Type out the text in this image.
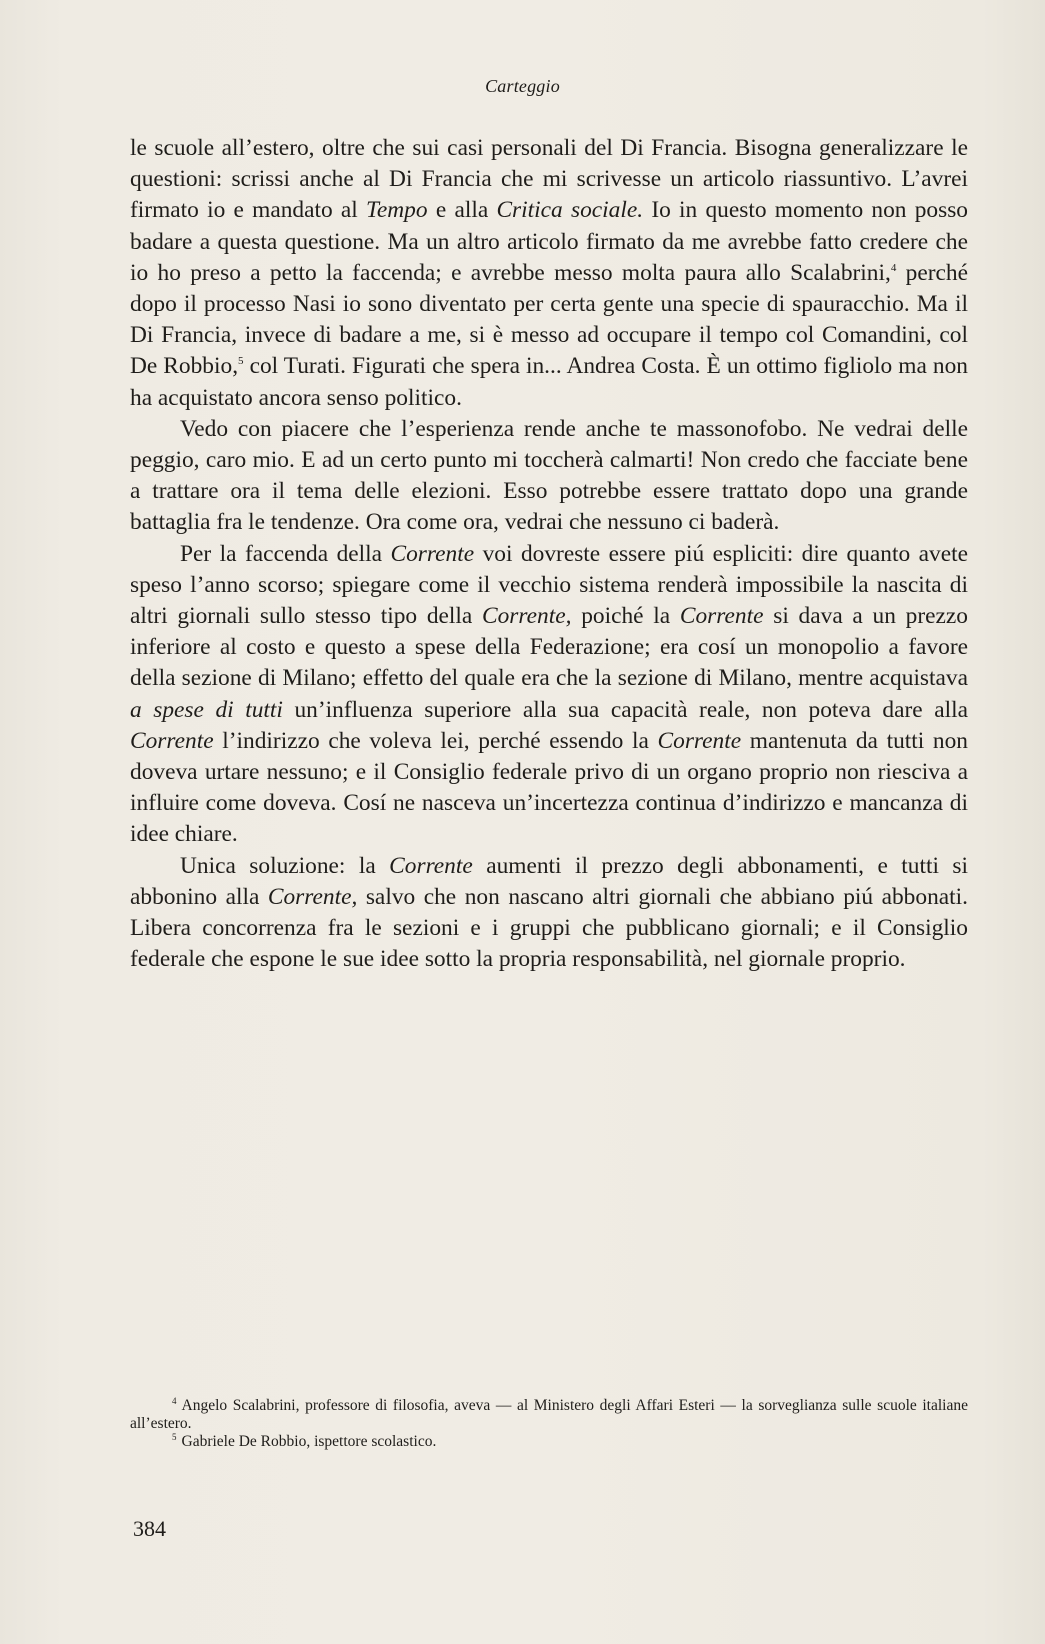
Carteggio

le scuole all’estero, oltre che sui casi personali del Di Francia. Bisogna generalizzare le questioni: scrissi anche al Di Francia che mi scrivesse un articolo riassuntivo. L’avrei firmato io e mandato al Tempo e alla Critica sociale. Io in questo momento non posso badare a questa questione. Ma un altro articolo firmato da me avrebbe fatto credere che io ho preso a petto la faccenda; e avrebbe messo molta paura allo Scalabrini,$^4$ perché dopo il processo Nasi io sono diventato per certa gente una specie di spauracchio. Ma il Di Francia, invece di badare a me, si è messo ad occupare il tempo col Comandini, col De Robbio,$^5$ col Turati. Figurati che spera in... Andrea Costa. È un ottimo figliolo ma non ha acquistato ancora senso politico.

Vedo con piacere che l’esperienza rende anche te massonofobo. Ne vedrai delle peggio, caro mio. E ad un certo punto mi toccherà calmarti! Non credo che facciate bene a trattare ora il tema delle elezioni. Esso potrebbe essere trattato dopo una grande battaglia fra le tendenze. Ora come ora, vedrai che nessuno ci baderà.

Per la faccenda della Corrente voi dovreste essere piú espliciti: dire quanto avete speso l’anno scorso; spiegare come il vecchio sistema renderà impossibile la nascita di altri giornali sullo stesso tipo della Corrente, poiché la Corrente si dava a un prezzo inferiore al costo e questo a spese della Federazione; era cosí un monopolio a favore della sezione di Milano; effetto del quale era che la sezione di Milano, mentre acquistava a spese di tutti un’influenza superiore alla sua capacità reale, non poteva dare alla Corrente l’indirizzo che voleva lei, perché essendo la Corrente mantenuta da tutti non doveva urtare nessuno; e il Consiglio federale privo di un organo proprio non riesciva a influire come doveva. Cosí ne nasceva un’incertezza continua d’indirizzo e mancanza di idee chiare.

Unica soluzione: la Corrente aumenti il prezzo degli abbonamenti, e tutti si abbonino alla Corrente, salvo che non nascano altri giornali che abbiano piú abbonati. Libera concorrenza fra le sezioni e i gruppi che pubblicano giornali; e il Consiglio federale che espone le sue idee sotto la propria responsabilità, nel giornale proprio.

$^4$ Angelo Scalabrini, professore di filosofia, aveva — al Ministero degli Affari Esteri — la sorveglianza sulle scuole italiane all’estero.

$^5$ Gabriele De Robbio, ispettore scolastico.

384
